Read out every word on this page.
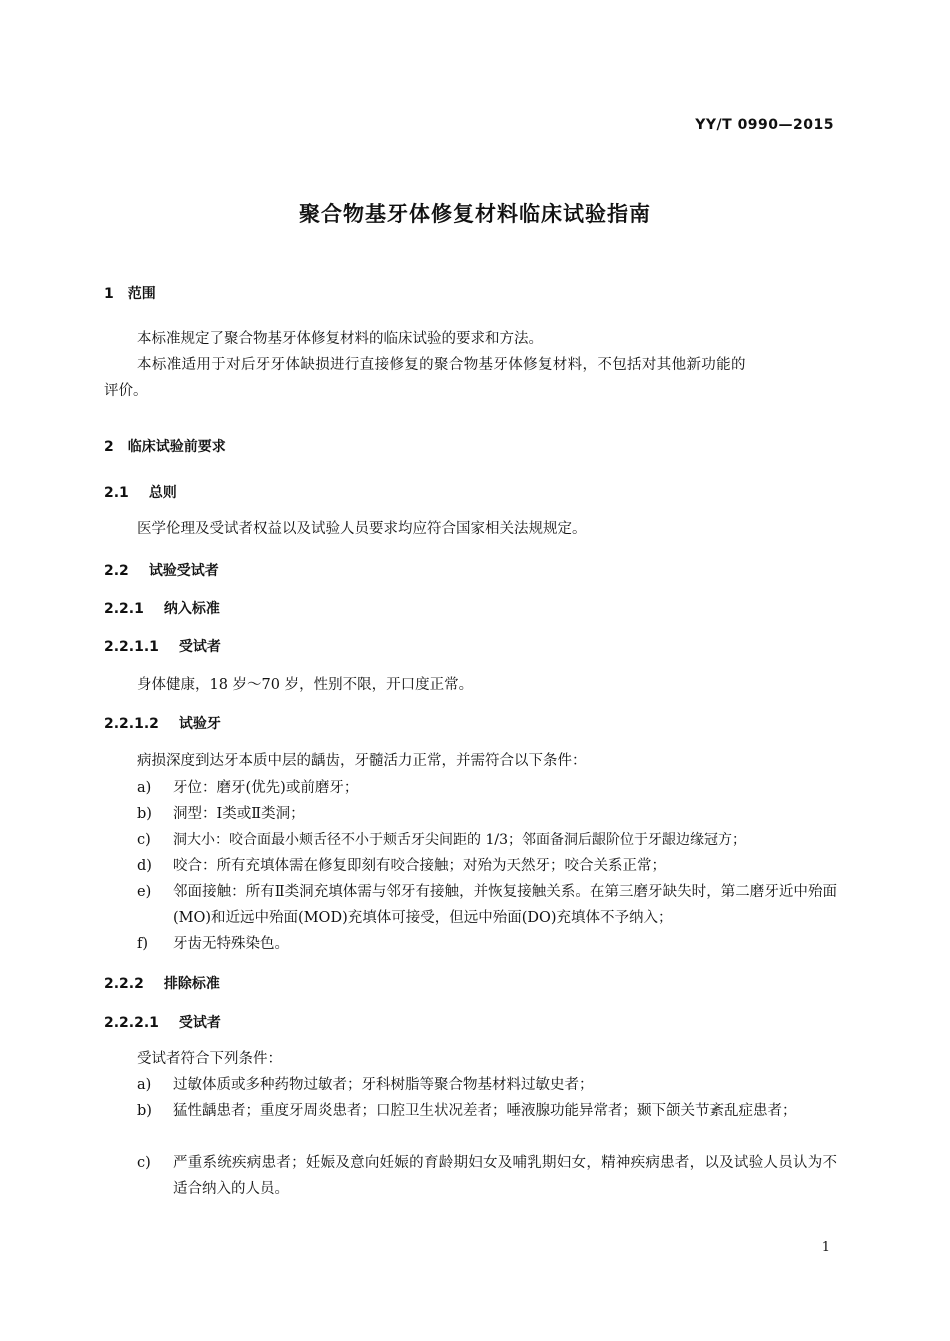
YY/T 0990—2015
聚合物基牙体修复材料临床试验指南
1 范围
本标准规定了聚合物基牙体修复材料的临床试验的要求和方法。
本标准适用于对后牙牙体缺损进行直接修复的聚合物基牙体修复材料，不包括对其他新功能的
评价。
2 临床试验前要求
2.1 总则
医学伦理及受试者权益以及试验人员要求均应符合国家相关法规规定。
2.2 试验受试者
2.2.1 纳入标准
2.2.1.1 受试者
身体健康，18 岁～70 岁，性别不限，开口度正常。
2.2.1.2 试验牙
病损深度到达牙本质中层的龋齿，牙髓活力正常，并需符合以下条件：
a) 牙位：磨牙(优先)或前磨牙；
b) 洞型：Ⅰ类或Ⅱ类洞；
c) 洞大小：咬合面最小颊舌径不小于颊舌牙尖间距的 1/3；邻面备洞后龈阶位于牙龈边缘冠方；
d) 咬合：所有充填体需在修复即刻有咬合接触；对殆为天然牙；咬合关系正常；
e) 邻面接触：所有Ⅱ类洞充填体需与邻牙有接触，并恢复接触关系。在第三磨牙缺失时，第二磨牙近中殆面(MO)和近远中殆面(MOD)充填体可接受，但远中殆面(DO)充填体不予纳入；
f) 牙齿无特殊染色。
2.2.2 排除标准
2.2.2.1 受试者
受试者符合下列条件：
a) 过敏体质或多种药物过敏者；牙科树脂等聚合物基材料过敏史者；
b) 猛性龋患者；重度牙周炎患者；口腔卫生状况差者；唾液腺功能异常者；颞下颌关节紊乱症患者；
c) 严重系统疾病患者；妊娠及意向妊娠的育龄期妇女及哺乳期妇女，精神疾病患者，以及试验人员认为不适合纳入的人员。
1
